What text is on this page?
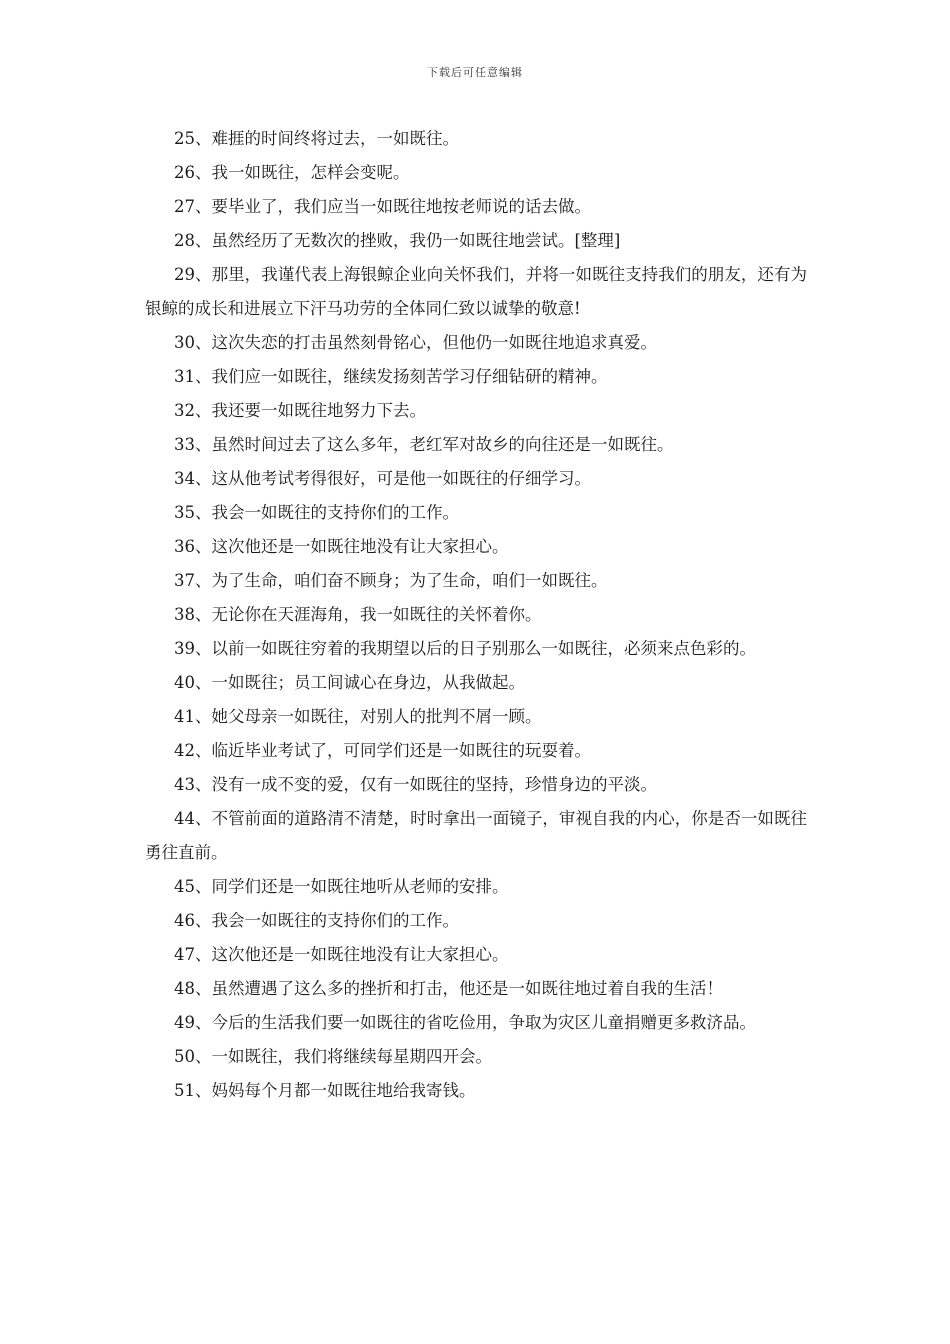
下载后可任意编辑

25、难捱的时间终将过去，一如既往。

26、我一如既往，怎样会变呢。

27、要毕业了，我们应当一如既往地按老师说的话去做。

28、虽然经历了无数次的挫败，我仍一如既往地尝试。[整理]

29、那里，我谨代表上海银鲸企业向关怀我们，并将一如既往支持我们的朋友，还有为银鲸的成长和进展立下汗马功劳的全体同仁致以诚挚的敬意!

30、这次失恋的打击虽然刻骨铭心，但他仍一如既往地追求真爱。

31、我们应一如既往，继续发扬刻苦学习仔细钻研的精神。

32、我还要一如既往地努力下去。

33、虽然时间过去了这么多年，老红军对故乡的向往还是一如既往。

34、这从他考试考得很好，可是他一如既往的仔细学习。

35、我会一如既往的支持你们的工作。

36、这次他还是一如既往地没有让大家担心。

37、为了生命，咱们奋不顾身；为了生命，咱们一如既往。

38、无论你在天涯海角，我一如既往的关怀着你。

39、以前一如既往穷着的我期望以后的日子别那么一如既往，必须来点色彩的。

40、一如既往；员工间诚心在身边，从我做起。

41、她父母亲一如既往，对别人的批判不屑一顾。

42、临近毕业考试了，可同学们还是一如既往的玩耍着。

43、没有一成不变的爱，仅有一如既往的坚持，珍惜身边的平淡。

44、不管前面的道路清不清楚，时时拿出一面镜子，审视自我的内心，你是否一如既往勇往直前。

45、同学们还是一如既往地听从老师的安排。

46、我会一如既往的支持你们的工作。

47、这次他还是一如既往地没有让大家担心。

48、虽然遭遇了这么多的挫折和打击，他还是一如既往地过着自我的生活！

49、今后的生活我们要一如既往的省吃俭用，争取为灾区儿童捐赠更多救济品。

50、一如既往，我们将继续每星期四开会。

51、妈妈每个月都一如既往地给我寄钱。
